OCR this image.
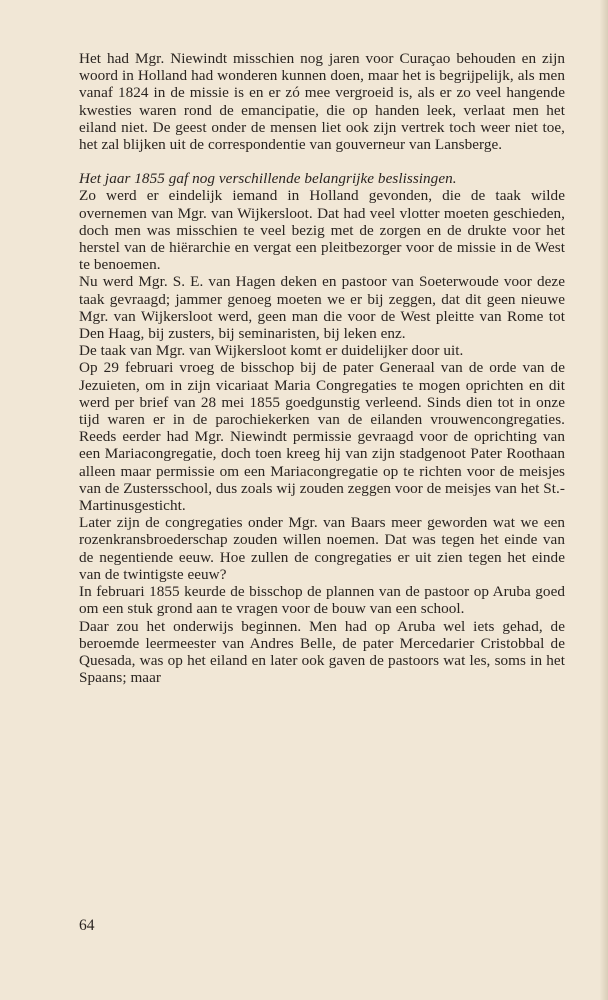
Het had Mgr. Niewindt misschien nog jaren voor Curaçao behouden en zijn woord in Holland had wonderen kunnen doen, maar het is begrijpelijk, als men vanaf 1824 in de missie is en er zó mee vergroeid is, als er zo veel hangende kwesties waren rond de emancipatie, die op handen leek, verlaat men het eiland niet. De geest onder de mensen liet ook zijn vertrek toch weer niet toe, het zal blijken uit de correspondentie van gouverneur van Lansberge.

Het jaar 1855 gaf nog verschillende belangrijke beslissingen.

Zo werd er eindelijk iemand in Holland gevonden, die de taak wilde overnemen van Mgr. van Wijkersloot. Dat had veel vlotter moeten geschieden, doch men was misschien te veel bezig met de zorgen en de drukte voor het herstel van de hiërarchie en vergat een pleitbezorger voor de missie in de West te benoemen.

Nu werd Mgr. S. E. van Hagen deken en pastoor van Soeterwoude voor deze taak gevraagd; jammer genoeg moeten we er bij zeggen, dat dit geen nieuwe Mgr. van Wijkersloot werd, geen man die voor de West pleitte van Rome tot Den Haag, bij zusters, bij seminaristen, bij leken enz.

De taak van Mgr. van Wijkersloot komt er duidelijker door uit.

Op 29 februari vroeg de bisschop bij de pater Generaal van de orde van de Jezuieten, om in zijn vicariaat Maria Congregaties te mogen oprichten en dit werd per brief van 28 mei 1855 goedgunstig verleend. Sinds dien tot in onze tijd waren er in de parochiekerken van de eilanden vrouwencongregaties. Reeds eerder had Mgr. Niewindt permissie gevraagd voor de oprichting van een Mariacongregatie, doch toen kreeg hij van zijn stadgenoot Pater Roothaan alleen maar permissie om een Mariacongregatie op te richten voor de meisjes van de Zustersschool, dus zoals wij zouden zeggen voor de meisjes van het St.-Martinusgesticht.

Later zijn de congregaties onder Mgr. van Baars meer geworden wat we een rozenkransbroederschap zouden willen noemen. Dat was tegen het einde van de negentiende eeuw. Hoe zullen de congregaties er uit zien tegen het einde van de twintigste eeuw?

In februari 1855 keurde de bisschop de plannen van de pastoor op Aruba goed om een stuk grond aan te vragen voor de bouw van een school.

Daar zou het onderwijs beginnen. Men had op Aruba wel iets gehad, de beroemde leermeester van Andres Belle, de pater Mercedarier Cristobbal de Quesada, was op het eiland en later ook gaven de pastoors wat les, soms in het Spaans; maar

64
